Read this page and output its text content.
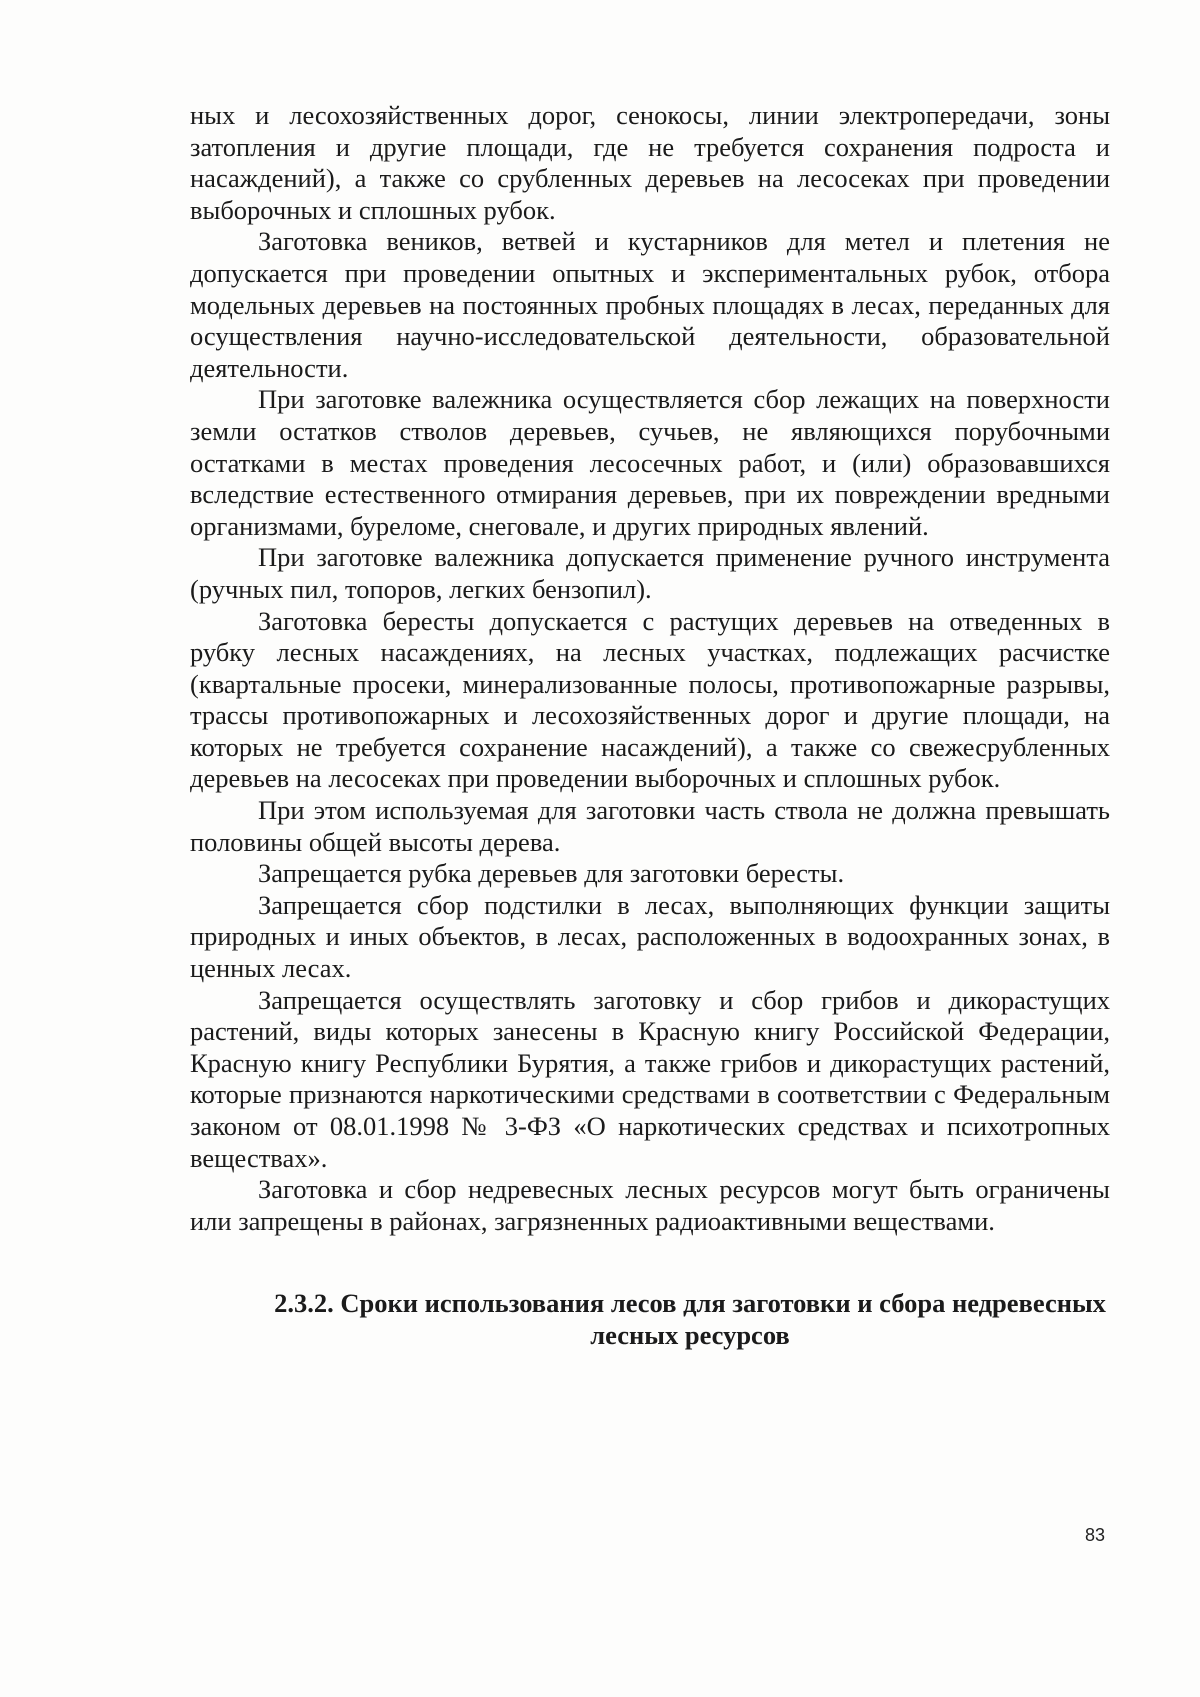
ных и лесохозяйственных дорог, сенокосы, линии электропередачи, зоны затопления и другие площади, где не требуется сохранения подроста и насаждений), а также со срубленных деревьев на лесосеках при проведении выборочных и сплошных рубок.

Заготовка веников, ветвей и кустарников для метел и плетения не допускается при проведении опытных и экспериментальных рубок, отбора модельных деревьев на постоянных пробных площадях в лесах, переданных для осуществления научно-исследовательской деятельности, образовательной деятельности.

При заготовке валежника осуществляется сбор лежащих на поверхности земли остатков стволов деревьев, сучьев, не являющихся порубочными остатками в местах проведения лесосечных работ, и (или) образовавшихся вследствие естественного отмирания деревьев, при их повреждении вредными организмами, буреломе, снеговале, и других природных явлений.

При заготовке валежника допускается применение ручного инструмента (ручных пил, топоров, легких бензопил).

Заготовка бересты допускается с растущих деревьев на отведенных в рубку лесных насаждениях, на лесных участках, подлежащих расчистке (квартальные просеки, минерализованные полосы, противопожарные разрывы, трассы противопожарных и лесохозяйственных дорог и другие площади, на которых не требуется сохранение насаждений), а также со свежесрубленных деревьев на лесосеках при проведении выборочных и сплошных рубок.

При этом используемая для заготовки часть ствола не должна превышать половины общей высоты дерева.

Запрещается рубка деревьев для заготовки бересты.

Запрещается сбор подстилки в лесах, выполняющих функции защиты природных и иных объектов, в лесах, расположенных в водоохранных зонах, в ценных лесах.

Запрещается осуществлять заготовку и сбор грибов и дикорастущих растений, виды которых занесены в Красную книгу Российской Федерации, Красную книгу Республики Бурятия, а также грибов и дикорастущих растений, которые признаются наркотическими средствами в соответствии с Федеральным законом от 08.01.1998 № 3-ФЗ «О наркотических средствах и психотропных веществах».

Заготовка и сбор недревесных лесных ресурсов могут быть ограничены или запрещены в районах, загрязненных радиоактивными веществами.

2.3.2. Сроки использования лесов для заготовки и сбора недревесных лесных ресурсов
83
